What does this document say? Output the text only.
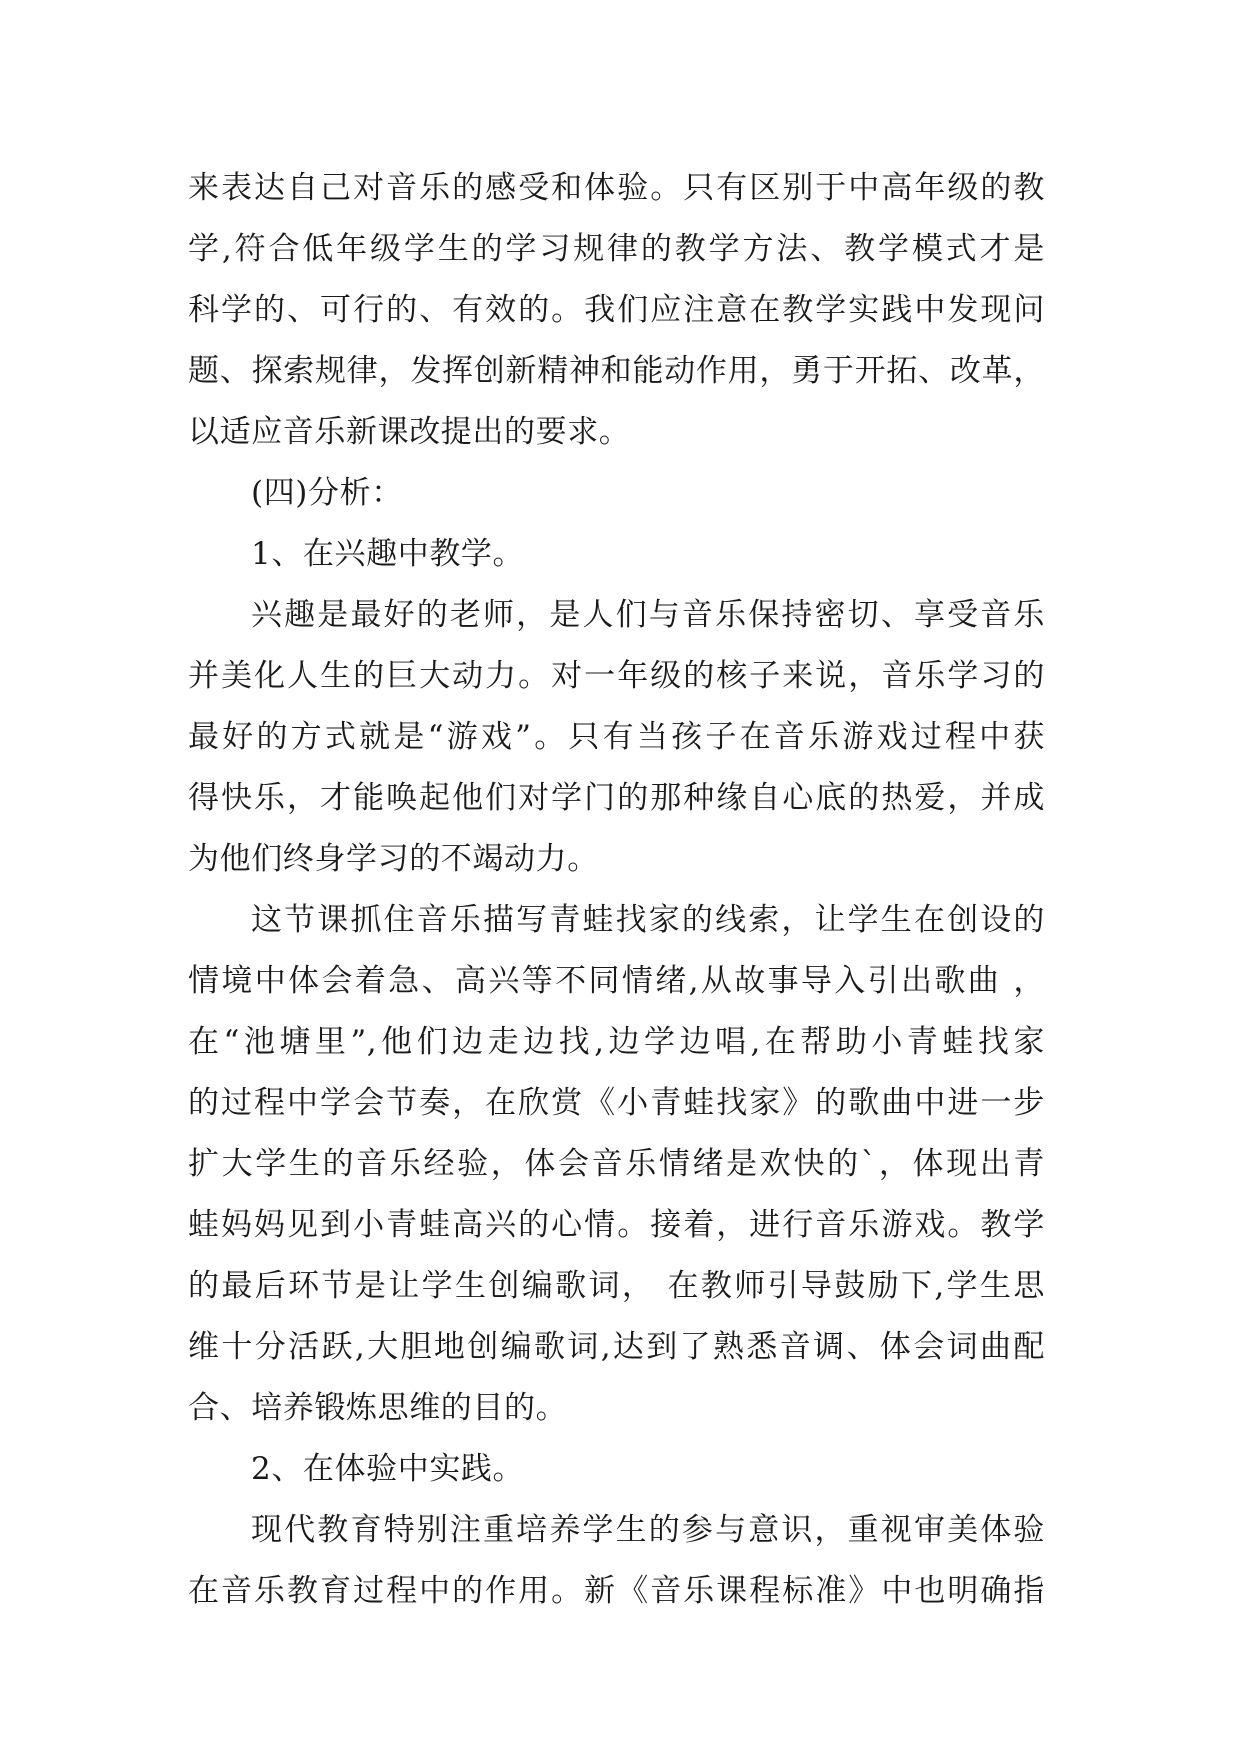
来表达自己对音乐的感受和体验。只有区别于中高年级的教
学,符合低年级学生的学习规律的教学方法、教学模式才是
科学的、可行的、有效的。我们应注意在教学实践中发现问
题、探索规律，发挥创新精神和能动作用，勇于开拓、改革，
以适应音乐新课改提出的要求。
(四)分析：
1、在兴趣中教学。
兴趣是最好的老师，是人们与音乐保持密切、享受音乐
并美化人生的巨大动力。对一年级的核子来说，音乐学习的
最好的方式就是“游戏”。只有当孩子在音乐游戏过程中获
得快乐，才能唤起他们对学门的那种缘自心底的热爱，并成
为他们终身学习的不竭动力。
这节课抓住音乐描写青蛙找家的线索，让学生在创设的
情境中体会着急、高兴等不同情绪,从故事导入引出歌曲 ，
在“池塘里”,他们边走边找,边学边唱,在帮助小青蛙找家
的过程中学会节奏，在欣赏《小青蛙找家》的歌曲中进一步
扩大学生的音乐经验，体会音乐情绪是欢快的`，体现出青
蛙妈妈见到小青蛙高兴的心情。接着，进行音乐游戏。教学
的最后环节是让学生创编歌词， 在教师引导鼓励下,学生思
维十分活跃,大胆地创编歌词,达到了熟悉音调、体会词曲配
合、培养锻炼思维的目的。
2、在体验中实践。
现代教育特别注重培养学生的参与意识，重视审美体验
在音乐教育过程中的作用。新《音乐课程标准》中也明确指
